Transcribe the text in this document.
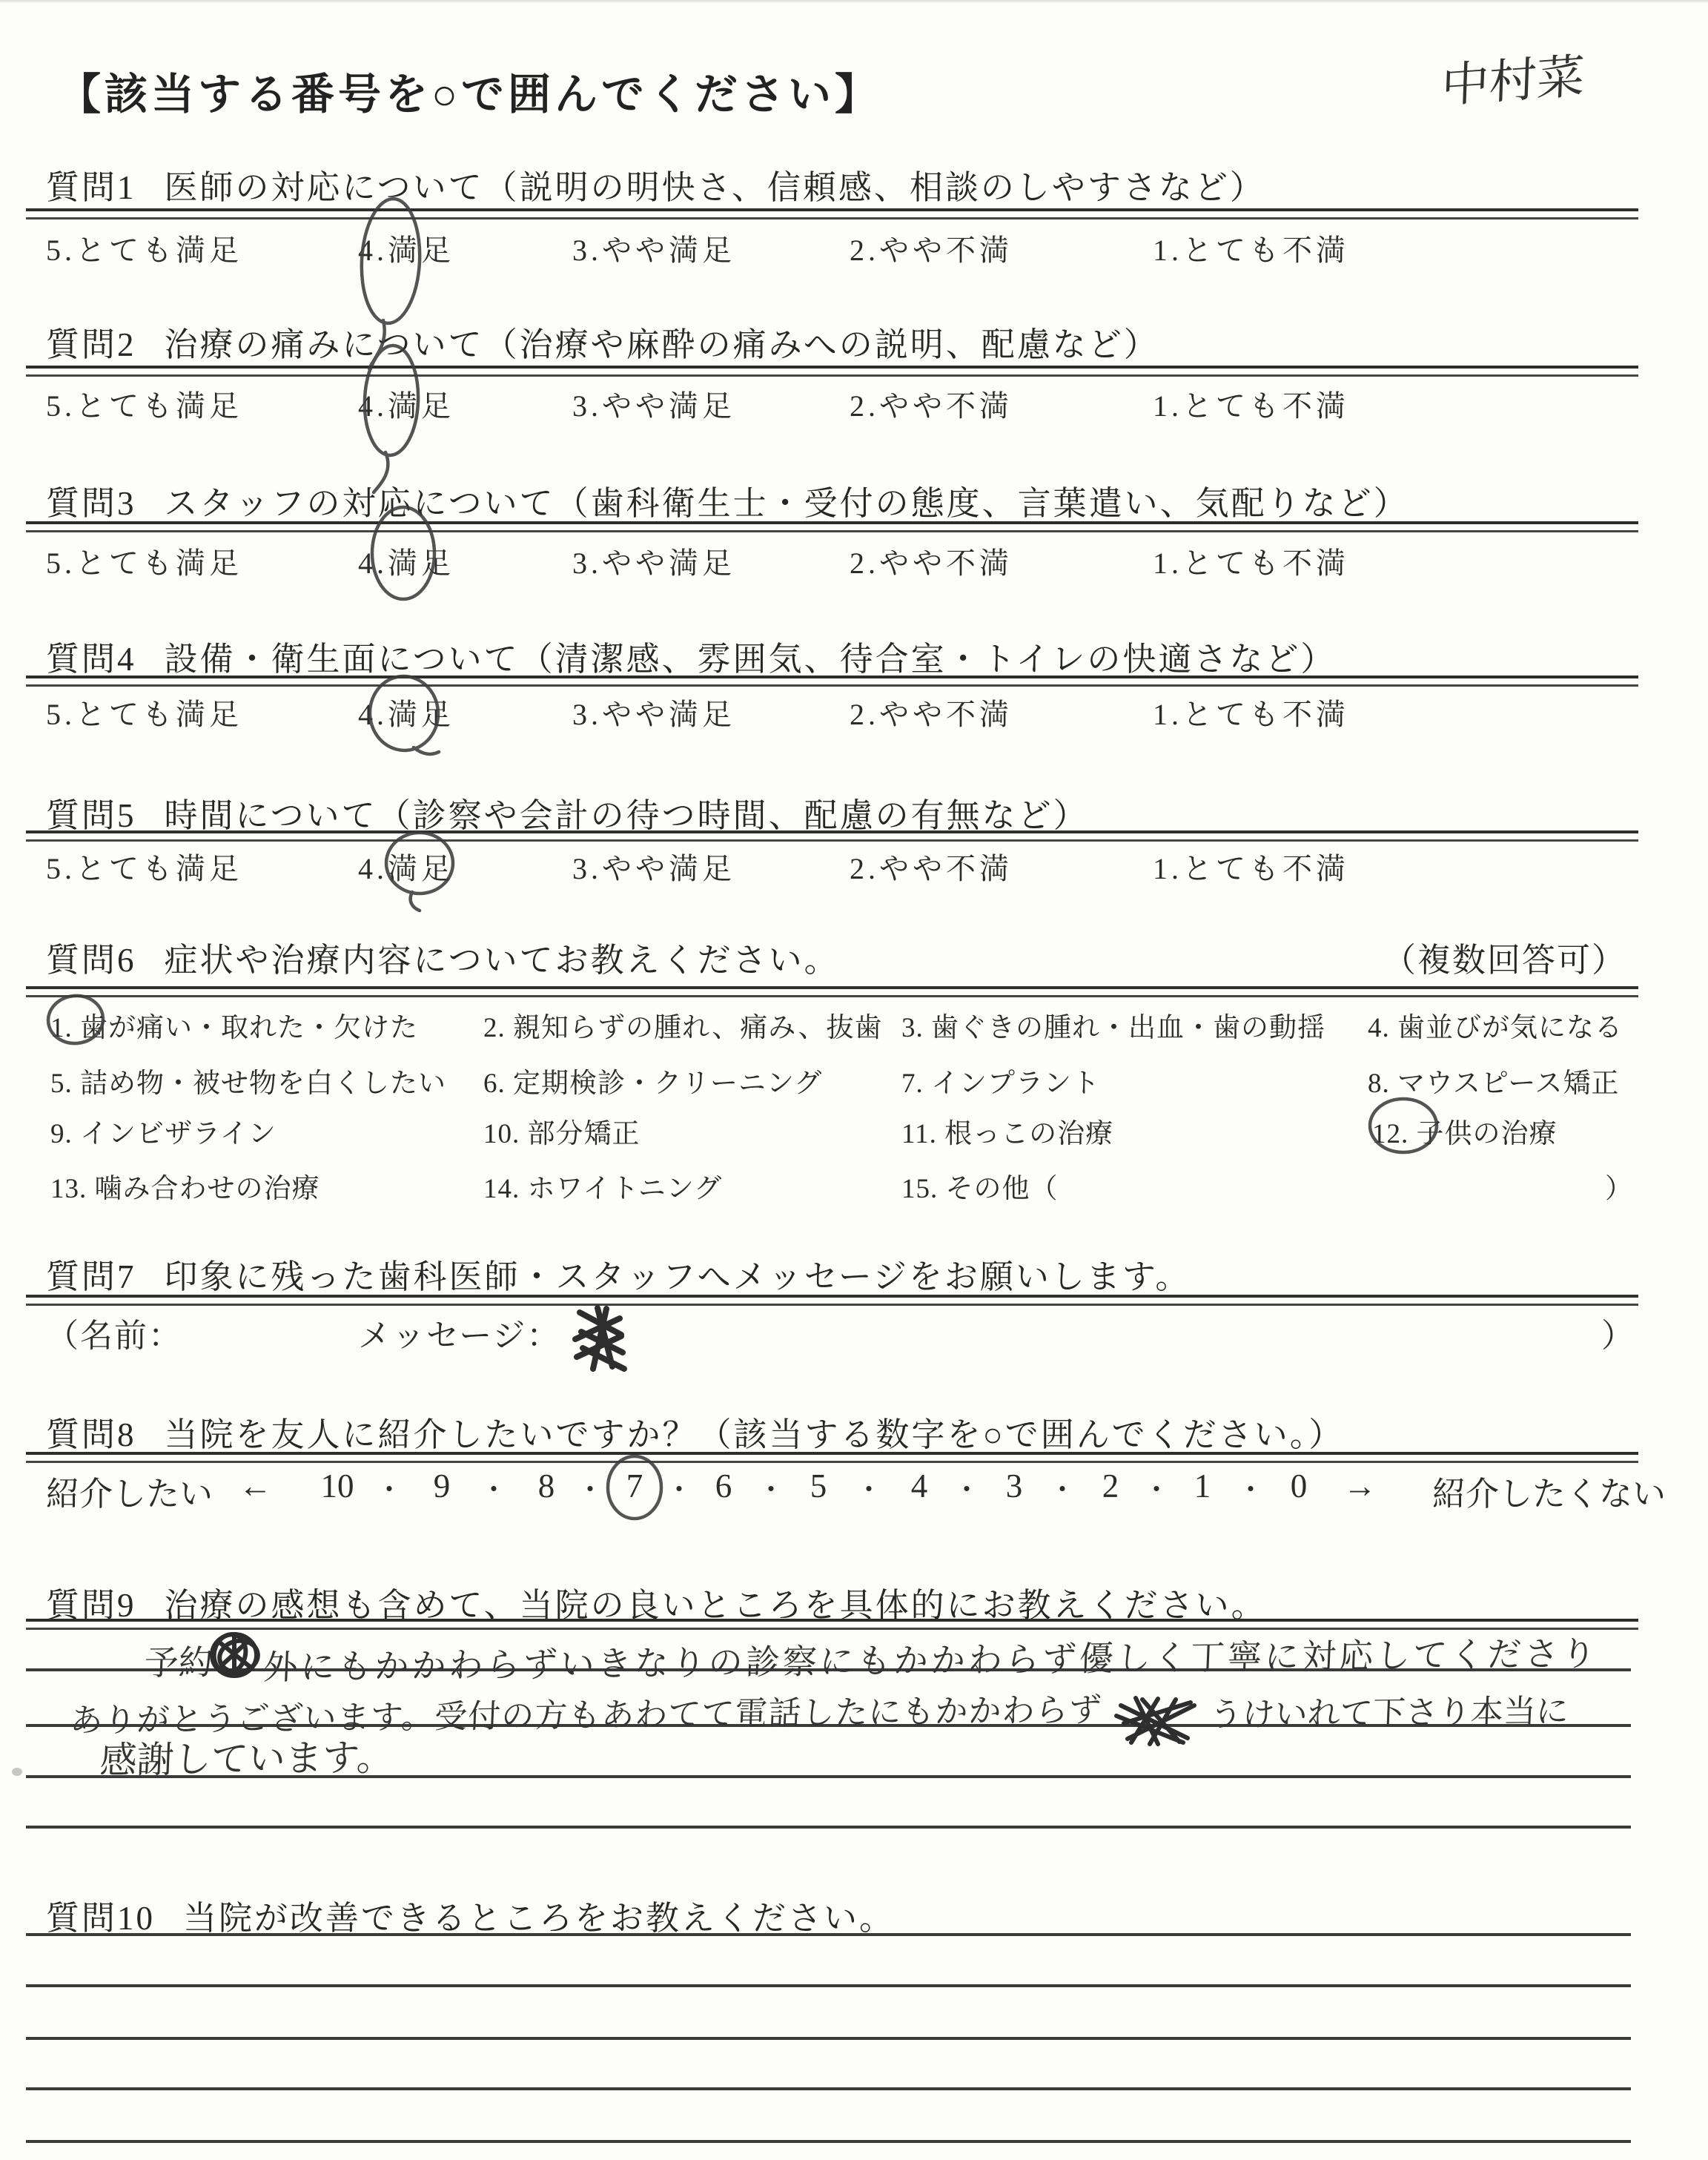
【該当する番号を○で囲んでください】	中村菜
質問1 医師の対応について（説明の明快さ、信頼感、相談のしやすさなど）
5.とても満足	4.満足	3.やや満足	2.やや不満	1.とても不満
質問2 治療の痛みについて（治療や麻酔の痛みへの説明、配慮など）
5.とても満足	4.満足	3.やや満足	2.やや不満	1.とても不満
質問3 スタッフの対応について（歯科衛生士・受付の態度、言葉遣い、気配りなど）
5.とても満足	4.満足	3.やや満足	2.やや不満	1.とても不満
質問4 設備・衛生面について（清潔感、雰囲気、待合室・トイレの快適さなど）
5.とても満足	4.満足	3.やや満足	2.やや不満	1.とても不満
質問5 時間について（診察や会計の待つ時間、配慮の有無など）
5.とても満足	4.満足	3.やや満足	2.やや不満	1.とても不満
質問6 症状や治療内容についてお教えください。	（複数回答可）
1. 歯が痛い・取れた・欠けた 2. 親知らずの腫れ、痛み、抜歯 3. 歯ぐきの腫れ・出血・歯の動揺 4. 歯並びが気になる
5. 詰め物・被せ物を白くしたい 6. 定期検診・クリーニング	7. インプラント	8. マウスピース矯正
9. インビザライン	10. 部分矯正	11. 根っこの治療	12. 子供の治療
13. 噛み合わせの治療	14. ホワイトニング	15. その他（	）
質問7 印象に残った歯科医師・スタッフへメッセージをお願いします。
（名前：	メッセージ：	）
質問8 当院を友人に紹介したいですか？（該当する数字を○で囲んでください。）
紹介したい ← 10 ・ 9 ・ 8 ・ 7 ・ 6 ・ 5 ・ 4 ・ 3 ・ 2 ・ 1 ・ 0 → 紹介したくない
質問9 治療の感想も含めて、当院の良いところを具体的にお教えください。
予約 外にもかかわらずいきなりの診察にもかかわらず優しく丁寧に対応してくださり
ありがとうございます。受付の方もあわてて電話したにもかかわらず	うけいれて下さり本当に
感謝しています。
質問10 当院が改善できるところをお教えください。
